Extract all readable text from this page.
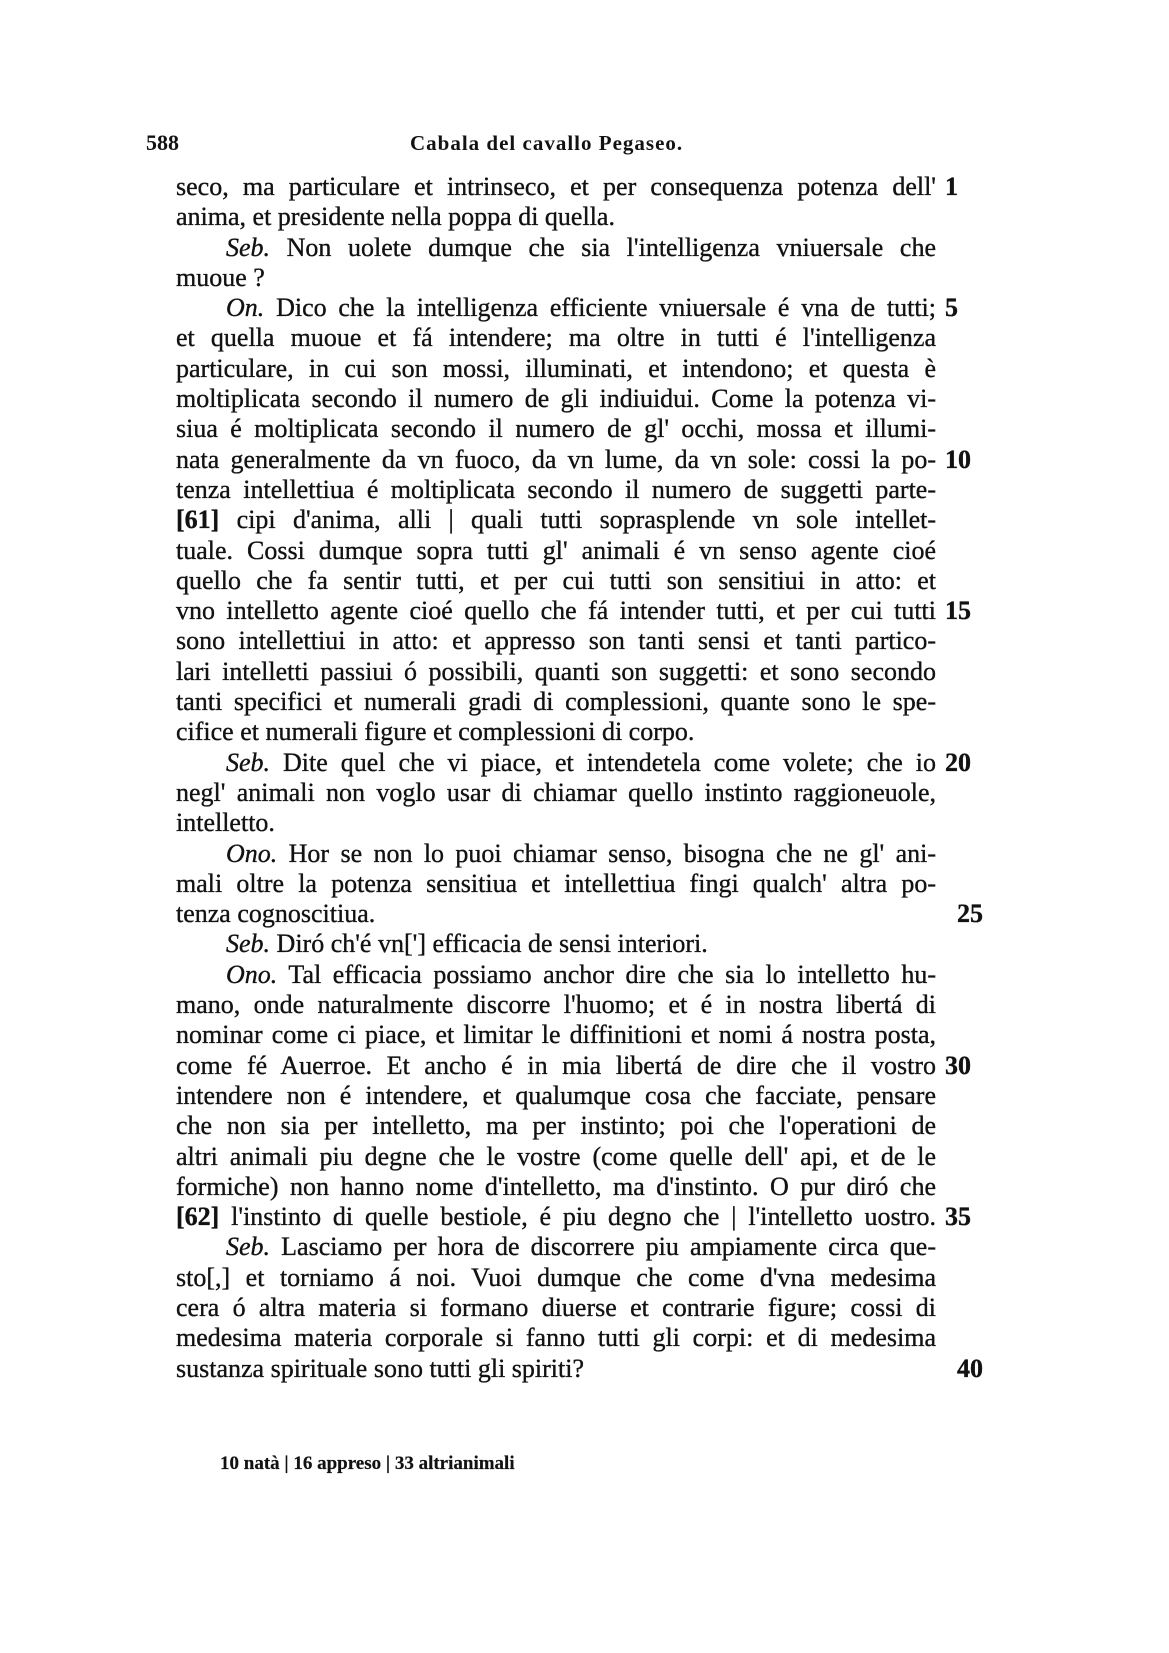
588	Cabala del cavallo Pegaseo.
1
seco, ma particulare et intrinseco, et per consequenza potenza dell'
anima, et presidente nella poppa di quella.
Seb. Non uolete dumque che sia l'intelligenza vniuersale che
muoue ?
5
On. Dico che la intelligenza efficiente vniuersale é vna de tutti;
et quella muoue et fá intendere; ma oltre in tutti é l'intelligenza
particulare, in cui son mossi, illuminati, et intendono; et questa è
moltiplicata secondo il numero de gli indiuidui. Come la potenza vi-
siua é moltiplicata secondo il numero de gl' occhi, mossa et illumi-
10
nata generalmente da vn fuoco, da vn lume, da vn sole: cossi la po-
tenza intellettiua é moltiplicata secondo il numero de suggetti parte-
[61] cipi d'anima, alli | quali tutti soprasplende vn sole intellet-
tuale. Cossi dumque sopra tutti gl' animali é vn senso agente cioé
quello che fa sentir tutti, et per cui tutti son sensitiui in atto: et
15
vno intelletto agente cioé quello che fá intender tutti, et per cui tutti
sono intellettiui in atto: et appresso son tanti sensi et tanti partico-
lari intelletti passiui ó possibili, quanti son suggetti: et sono secondo
tanti specifici et numerali gradi di complessioni, quante sono le spe-
cifice et numerali figure et complessioni di corpo.
20
Seb. Dite quel che vi piace, et intendetela come volete; che io
negl' animali non voglo usar di chiamar quello instinto raggioneuole,
intelletto.
Ono. Hor se non lo puoi chiamar senso, bisogna che ne gl' ani-
mali oltre la potenza sensitiua et intellettiua fingi qualch' altra po-
25
tenza cognoscitiua.
Seb. Diró ch'é vn['] efficacia de sensi interiori.
Ono. Tal efficacia possiamo anchor dire che sia lo intelletto hu-
mano, onde naturalmente discorre l'huomo; et é in nostra libertá di
nominar come ci piace, et limitar le diffinitioni et nomi á nostra posta,
30
come fé Auerroe. Et ancho é in mia libertá de dire che il vostro
intendere non é intendere, et qualumque cosa che facciate, pensare
che non sia per intelletto, ma per instinto; poi che l'operationi de
altri animali piu degne che le vostre (come quelle dell' api, et de le
formiche) non hanno nome d'intelletto, ma d'instinto. O pur diró che
35
[62] l'instinto di quelle bestiole, é piu degno che | l'intelletto uostro.
Seb. Lasciamo per hora de discorrere piu ampiamente circa que-
sto[,] et torniamo á noi. Vuoi dumque che come d'vna medesima
cera ó altra materia si formano diuerse et contrarie figure; cossi di
medesima materia corporale si fanno tutti gli corpi: et di medesima
40
sustanza spirituale sono tutti gli spiriti?
10 natà | 16 appreso | 33 altrianimali
